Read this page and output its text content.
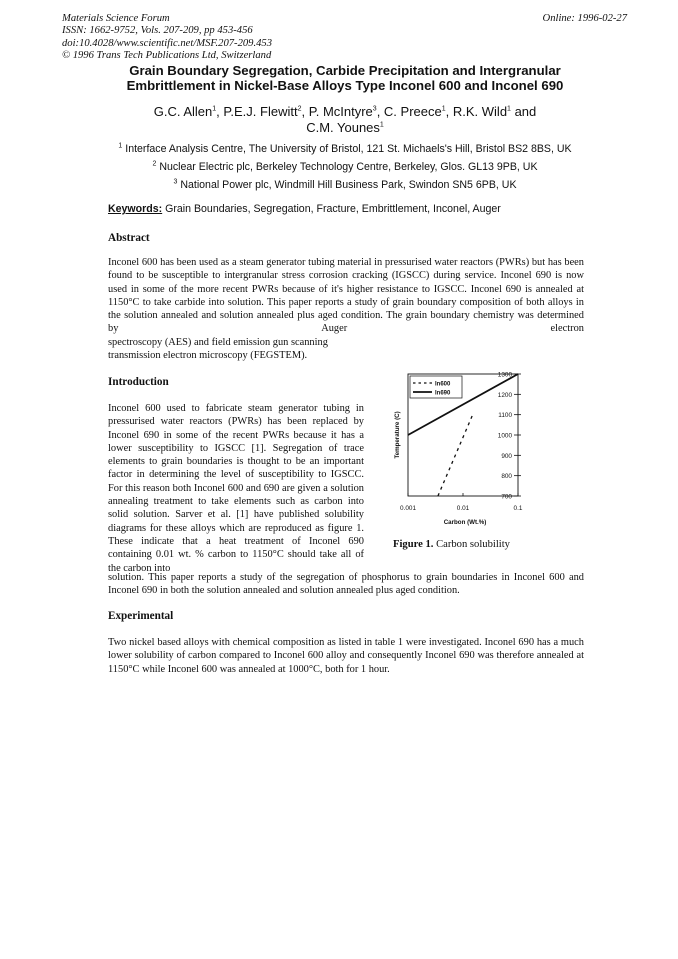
Materials Science Forum
ISSN: 1662-9752, Vols. 207-209, pp 453-456
doi:10.4028/www.scientific.net/MSF.207-209.453
© 1996 Trans Tech Publications Ltd, Switzerland
Online: 1996-02-27
Grain Boundary Segregation, Carbide Precipitation and Intergranular
Embrittlement in Nickel-Base Alloys Type Inconel 600 and Inconel 690
G.C. Allen$^1$, P.E.J. Flewitt$^2$, P. McIntyre$^3$, C. Preece$^1$, R.K. Wild$^1$ and
C.M. Younes$^1$
$^1$ Interface Analysis Centre, The University of Bristol, 121 St. Michaels's Hill, Bristol BS2 8BS, UK
$^2$ Nuclear Electric plc, Berkeley Technology Centre, Berkeley, Glos. GL13 9PB, UK
$^3$ National Power plc, Windmill Hill Business Park, Swindon SN5 6PB, UK
Keywords: Grain Boundaries, Segregation, Fracture, Embrittlement, Inconel, Auger
Abstract
Inconel 600 has been used as a steam generator tubing material in pressurised water reactors (PWRs) but has been found to be susceptible to intergranular stress corrosion cracking (IGSCC) during service. Inconel 690 is now used in some of the more recent PWRs because of it's higher resistance to IGSCC. Inconel 690 is annealed at 1150°C to take carbide into solution. This paper reports a study of grain boundary composition of both alloys in the solution annealed and solution annealed plus aged condition. The grain boundary chemistry was determined by Auger electron
spectroscopy (AES) and field emission gun scanning
transmission electron microscopy (FEGSTEM).
Introduction
Inconel 600 used to fabricate steam generator tubing in pressurised water reactors (PWRs) has been replaced by Inconel 690 in some of the recent PWRs because it has a lower susceptibility to IGSCC [1]. Segregation of trace elements to grain boundaries is thought to be an important factor in determining the level of susceptibility to IGSCC. For this reason both Inconel 600 and 690 are given a solution annealing treatment to take elements such as carbon into solid solution. Sarver et al. [1] have published solubility diagrams for these alloys which are reproduced as figure 1. These indicate that a heat treatment of Inconel 690 containing 0.01 wt. % carbon to 1150°C should take all of the carbon into
solution. This paper reports a study of the segregation of phosphorus to grain boundaries in Inconel 600 and Inconel 690 in both the solution annealed and solution annealed plus aged condition.
700
800
900
1000
1100
1200
1300
0.001	0.01	0.1
Carbon (Wt.%)
Temperature (C)
In600
In690
Figure 1. Carbon solubility
Experimental
Two nickel based alloys with chemical composition as listed in table 1 were investigated. Inconel 690 has a much lower solubility of carbon compared to Inconel 600 alloy and consequently Inconel 690 was therefore annealed at 1150°C while Inconel 600 was annealed at 1000°C, both for 1 hour.
